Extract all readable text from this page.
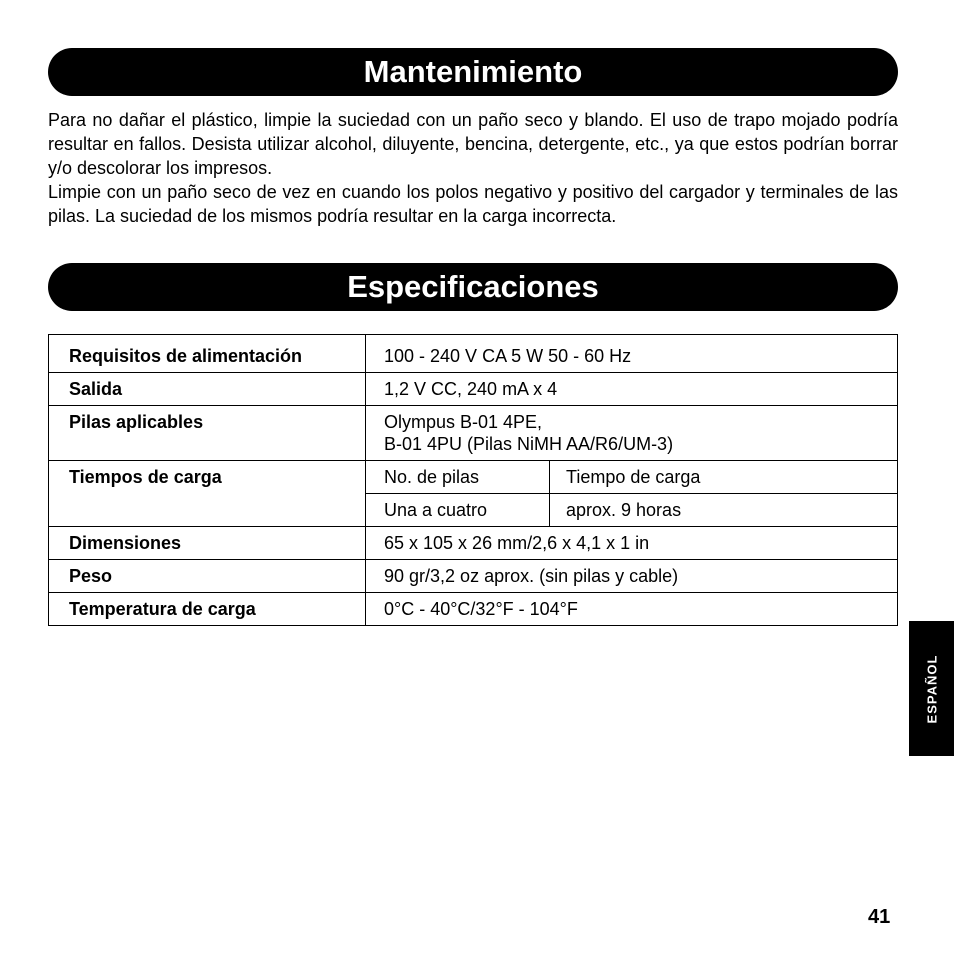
Mantenimiento

Para no dañar el plástico, limpie la suciedad con un paño seco y blando. El uso de trapo mojado podría resultar en fallos. Desista utilizar alcohol, diluyente, bencina, detergente, etc., ya que estos podrían borrar y/o descolorar los impresos.

Limpie con un paño seco de vez en cuando los polos negativo y positivo del cargador y terminales de las pilas. La suciedad de los mismos podría resultar en la carga incorrecta.

Especificaciones
Requisitos de alimentación	100 - 240 V CA 5 W 50 - 60 Hz	
Salida	1,2 V CC, 240 mA x 4	
Pilas aplicables	Olympus B-01 4PE,
B-01 4PU (Pilas NiMH AA/R6/UM-3)	

Tiempos de carga	No. de pilas	Tiempo de carga
	Una a cuatro	aprox. 9 horas
Dimensiones	65 x 105 x 26 mm/2,6 x 4,1 x 1 in	
Peso	90 gr/3,2 oz aprox. (sin pilas y cable)	
Temperatura de carga	0°C - 40°C/32°F - 104°F	
ESPAÑOL
41
